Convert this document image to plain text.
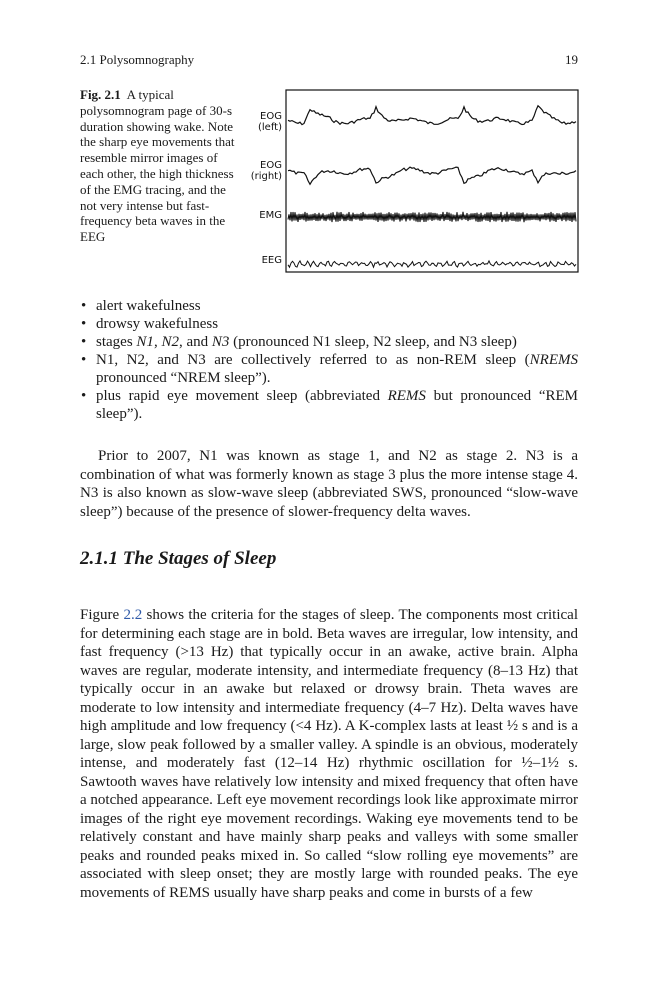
2.1 Polysomnography	19
Fig. 2.1 A typical polysomnogram page of 30-s duration showing wake. Note the sharp eye movements that resemble mirror images of each other, the high thickness of the EMG tracing, and the not very intense but fast-frequency beta waves in the EEG
EOG
(left)
EOG
(right)
EMG
EEG
• alert wakefulness
• drowsy wakefulness
• stages N1, N2, and N3 (pronounced N1 sleep, N2 sleep, and N3 sleep)
• N1, N2, and N3 are collectively referred to as non-REM sleep (NREMS pronounced “NREM sleep”).
• plus rapid eye movement sleep (abbreviated REMS but pronounced “REM sleep”).

Prior to 2007, N1 was known as stage 1, and N2 as stage 2. N3 is a combination of what was formerly known as stage 3 plus the more intense stage 4. N3 is also known as slow-wave sleep (abbreviated SWS, pronounced “slow-wave sleep”) because of the presence of slower-frequency delta waves.

2.1.1 The Stages of Sleep

Figure 2.2 shows the criteria for the stages of sleep. The components most critical for determining each stage are in bold. Beta waves are irregular, low intensity, and fast frequency (>13 Hz) that typically occur in an awake, active brain. Alpha waves are regular, moderate intensity, and intermediate frequency (8–13 Hz) that typically occur in an awake but relaxed or drowsy brain. Theta waves are moderate to low intensity and intermediate frequency (4–7 Hz). Delta waves have high amplitude and low frequency (<4 Hz). A K-complex lasts at least ½ s and is a large, slow peak followed by a smaller valley. A spindle is an obvious, moderately intense, and moderately fast (12–14 Hz) rhythmic oscillation for ½–1½ s. Sawtooth waves have relatively low intensity and mixed frequency that often have a notched appearance. Left eye movement recordings look like approximate mirror images of the right eye movement recordings. Waking eye movements tend to be relatively constant and have mainly sharp peaks and valleys with some smaller peaks and rounded peaks mixed in. So called “slow rolling eye movements” are associated with sleep onset; they are mostly large with rounded peaks. The eye movements of REMS usually have sharp peaks and come in bursts of a few
